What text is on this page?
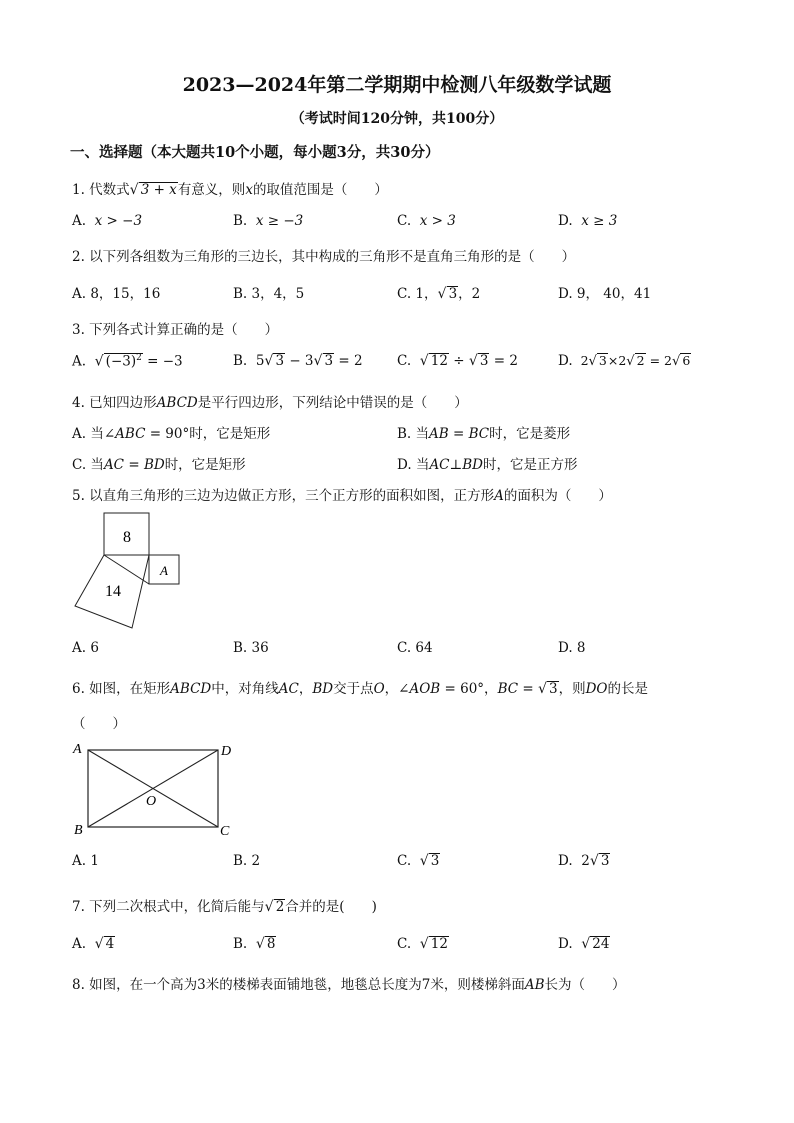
2023—2024年第二学期期中检测八年级数学试题
（考试时间120分钟，共100分）
一、选择题（本大题共10个小题，每小题3分，共30分）
1. 代数式√ 3 + x有意义，则x的取值范围是（　　）
A. x > −3	B. x ≥ −3	C. x > 3	D. x ≥ 3
2. 以下列各组数为三角形的三边长，其中构成的三角形不是直角三角形的是（　　）
A. 8，15，16	B. 3，4，5	C. 1，√ 3，2	D. 9， 40，41
3. 下列各式计算正确的是（　　）
A. √ $(-3)^2 = -3$	B. 5√ 3 − 3√ 3 = 2	C. √ 12 ÷ √ 3 = 2	D. 2√ 3×2√ 2 = 2√ 6
4. 已知四边形ABCD是平行四边形，下列结论中错误的是（　　）
A. 当∠ABC = 90°时，它是矩形	B. 当AB = BC时，它是菱形
C. 当AC = BD时，它是矩形	D. 当AC⊥BD时，它是正方形
5. 以直角三角形的三边为边做正方形，三个正方形的面积如图，正方形A的面积为（　　）
8
14
A
A. 6	B. 36	C. 64	D. 8
6. 如图，在矩形ABCD中，对角线AC，BD交于点O，∠AOB = 60°，BC = √ 3，则DO的长是
（　　）
A	D
B	C
O
A. 1	B. 2	C. √ 3	D. 2√ 3
7. 下列二次根式中，化简后能与√ 2合并的是(　　)
A. √ 4	B. √ 8	C. √ 12	D. √ 24
8. 如图，在一个高为3米的楼梯表面铺地毯，地毯总长度为7米，则楼梯斜面AB长为（　　）
